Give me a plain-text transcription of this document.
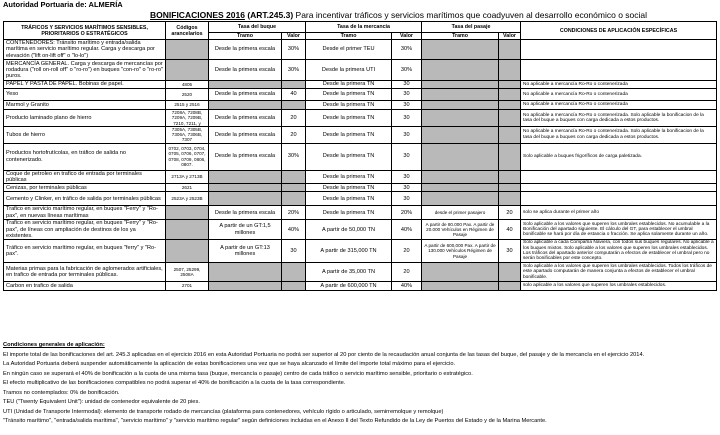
Autoridad Portuaria de: ALMERÍA
BONIFICACIONES 2016 (ART.245.3) Para incentivar tráficos y servicios marítimos que coadyuven al desarrollo económico o social
TRÁFICOS Y SERVICIOS MARÍTIMOS SENSIBLES, PRIORITARIOS O ESTRATÉGICOS	Códigos arancelarios	Tasa del buque		Tasa de la mercancía		Tasa del pasaje		CONDICIONES DE APLICACIÓN ESPECÍFICAS
		Tramo	Valor	Tramo	Valor	Tramo	Valor	
CONTENEDORES: Tránsito marítimo y entrada/salida marítima en servicio marítimo regular. Carga y descarga por elevación ("lift on-lift off" o "lo-lo")		Desde la primera escala	30%	Desde el primer TEU	30%			
MERCANCÍA GENERAL. Carga y descarga de mercancías por rodadura ("roll on-roll off" o "ro-ro") en buques "con-ro" o "ro-ro" puros.		Desde la primera escala	30%	Desde la primera UTI	30%			
PAPEL Y PASTA DE PAPEL. Bobinas de papel.	4805			Desde la primera TN	30			No aplicable a mercancía Ro-Ro o contenerizada
Yeso	2520	Desde la primera escala	40	Desde la primera TN	30			No aplicable a mercancía Ro-Ro o contenerizada
Marmol y Granito	2515 y 2516			Desde la primera TN	30			No aplicable a mercancía Ro-Ro o contenerizada
Producto laminado plano de hierro	7208A, 7208B, 7209A, 7209B, 7210, 7211, y	Desde la primera escala	20	Desde la primera TN	30			No aplicable a mercancía Ro-Ro o contenerizada. Solo aplicable la bonificacion de la tasa del buque a buques con carga dedicada a estos productos.
Tubos de hierro	7305A, 7305B, 7306A, 7306B, 7307	Desde la primera escala	20	Desde la primera TN	30			No aplicable a mercancía Ro-Ro o contenerizada. Solo aplicable la bonificacion de la tasa del buque a buques con carga dedicada a estos productos.
Productos hortofrutícolas, en tráfico de salida no contenerizado.	0702, 0703, 0704, 0705, 0706, 0707, 0708, 0709, 0806, 0807.	Desde la primera escala	30%	Desde la primera TN	30			Solo aplicable a buques frigoríficos de carga paletizada.
Coque de petroleo en trafico de entrada por terminales públicas	2713A y 2713B			Desde la primera TN	30			
Cenizas, por terminales públicas	2621			Desde la primera TN	30			
Cemento y Clinker, en tráfico de salida por terminales públicas	2523A y 2523B			Desde la primera TN	30			
Trafico en servicio marítimo regular, en buques "Ferry" y "Ro-pax", en nuevas líneas marítimas		Desde la primera escala	20%	Desde la primera TN	20%	desde el primer pasajero	20	solo se aplica durante el primer año
Trafico en servicio marítimo regular, en buques "Ferry" y "Ro-pax", de líneas con ampliación de destinos de los ya existentes.		A partir de un GT:1,5 millones	40%	A partir de 50,000 TN	40%	A partir de 80.000 Pax. A partir de 20.000 Vehículos en Régimen de Pasaje	40	Solo aplicable a los valores que superen los umbrales establecidos. No acumulable a la Bonificación del apartado siguiente. El cálculo del GT, para establecer el umbral bonificable se hará por día de estancia o fracción. Se aplica solamente durante un año.
Tráfico en servicio marítimo regular, en buques "ferry" y "Ro-pax".		A partir de un GT:13 millones	30	A partir de 315,000 TN	20	A partir de 600,000 Pax. A partir de 130.000 Vehículos Régimen de Pasaje	30	Solo aplicable a cada Compañía Naviera, con todos sus buques regulares. No aplicable a los buques mixtos. Solo aplicable a los valores que superen los umbrales establecidos. Los tráficos del apartado anterior computarán a efectos de establecer el umbral pero no serán bonificables por este concepto.
Materias primas para la fabricación de aglomerados artificiales, en trafico de entrada por terminales públicas.	2507, 25299, 2508A			A partir de 35,000 TN	20			Solo aplicable a los valores que superen los umbrales establecidos. Todos los tráficos de este apartado computarán de manera conjunta a efectos de establecer el umbral bonificable.
Carbon en trafico de salida	2701			A partir de 600,000 TN	40%			solo aplicable a los valores que superen los umbrales establecidos.
Condiciones generales de aplicación:
El importe total de las bonificaciones del art. 245.3 aplicadas en el ejercicio 2016 en esta Autoridad Portuaria no podrá ser superior al 20 por ciento de la recaudación anual conjunta de las tasas del buque, del pasaje y de la mercancía en el ejercicio 2014.
La Autoridad Portuaria deberá suspender automáticamente la aplicación de estas bonificaciones una vez que se haya alcanzado el límite del importe total máximo para el ejercicio.
En ningún caso se superará el 40% de bonificación a la cuota de una misma tasa (buque, mercancía o pasaje) centro de cada tráfico o servicio marítimo sensible, prioritario o estratégico.
El efecto multiplicativo de las bonificaciones compatibles no podrá superar el 40% de bonificación a la cuota de la tasa correspondiente.
Tramos no contemplados: 0% de bonificación.
TEU ("Twenty Equivalent Unit"): unidad de contenedor equivalente de 20 pies.
UTI (Unidad de Transporte Intermodal): elemento de transporte rodado de mercancías (plataforma para contenedores, vehículo rígido o articulado, semirremolque y remolque)
"Tránsito marítimo", "entrada/salida marítima", "servicio marítimo" y "servicio marítimo regular" según definiciones incluidas en el Anexo II del Texto Refundido de la Ley de Puertos del Estado y de la Marina Mercante.
